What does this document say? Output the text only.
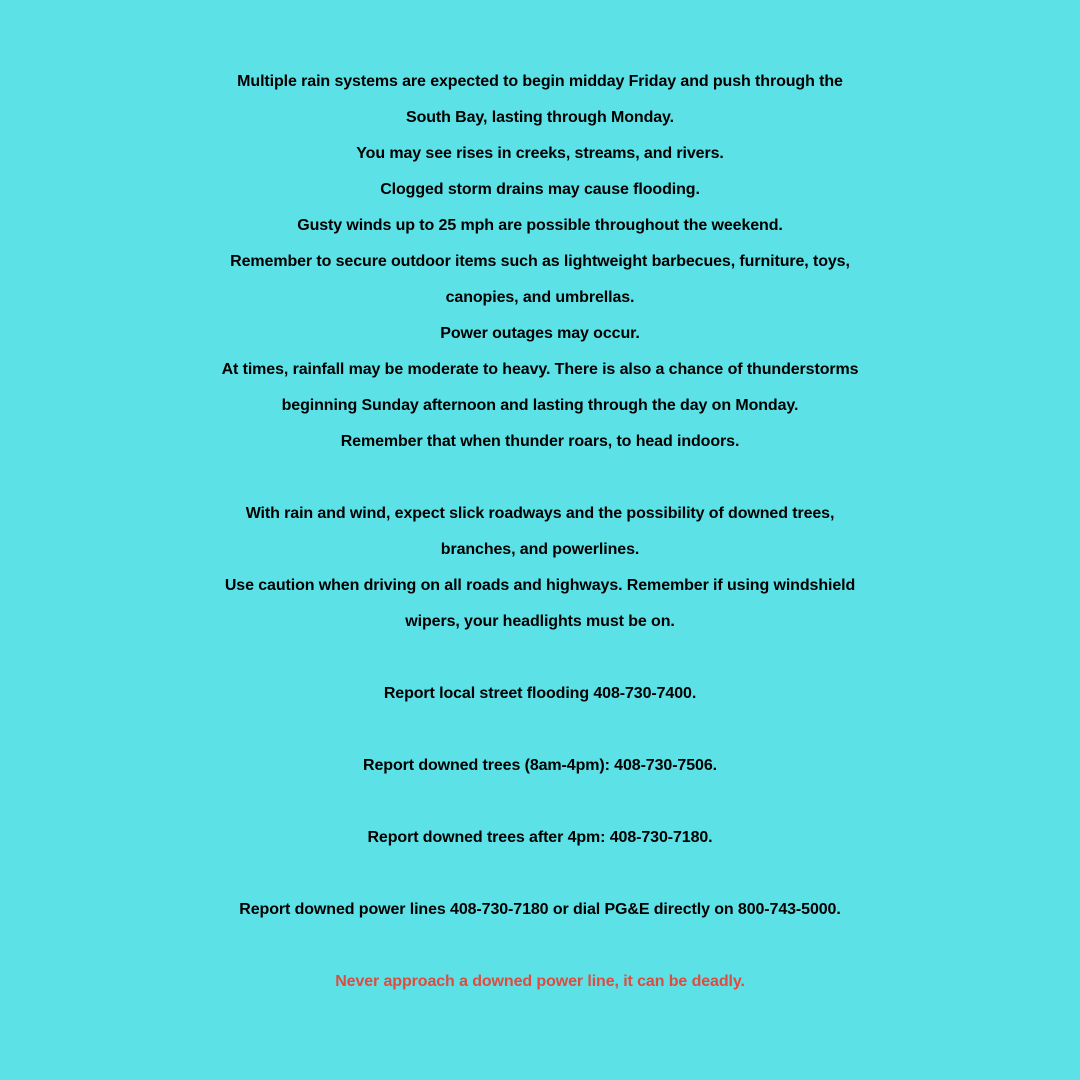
Multiple rain systems are expected to begin midday Friday and push through the
South Bay, lasting through Monday.
You may see rises in creeks, streams, and rivers.
Clogged storm drains may cause flooding.
Gusty winds up to 25 mph are possible throughout the weekend.
Remember to secure outdoor items such as lightweight barbecues, furniture, toys,
canopies, and umbrellas.
Power outages may occur.
At times, rainfall may be moderate to heavy. There is also a chance of thunderstorms
beginning Sunday afternoon and lasting through the day on Monday.
Remember that when thunder roars, to head indoors.
With rain and wind, expect slick roadways and the possibility of downed trees,
branches, and powerlines.
Use caution when driving on all roads and highways. Remember if using windshield
wipers, your headlights must be on.
Report local street flooding 408-730-7400.
Report downed trees (8am-4pm): 408-730-7506.
Report downed trees after 4pm: 408-730-7180.
Report downed power lines 408-730-7180 or dial PG&E directly on 800-743-5000.
Never approach a downed power line, it can be deadly.
